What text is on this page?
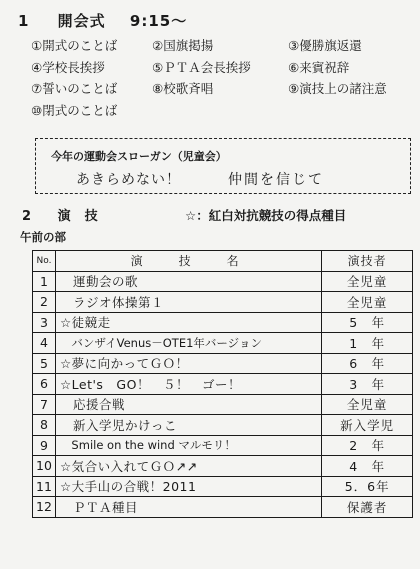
1 開会式 9:15〜
①開式のことば	②国旗掲揚	③優勝旗返還
④学校長挨拶	⑤ＰＴＡ会長挨拶	⑥来賓祝辞
⑦誓いのことば	⑧校歌斉唱	⑨演技上の諸注意
⑩閉式のことば
今年の運動会スローガン（児童会）
あきらめない！	仲間を信じて
2 演技	☆：紅白対抗競技の得点種目
午前の部
No.	演　技　名	演技者
1	　運動会の歌	全児童
2	　ラジオ体操第１	全児童
3	☆徒競走	5　年
4	　バンザイVenus－OTE1年バージョン	1　年
5	☆夢に向かってＧＯ！	6　年
6	☆Let's　GO！　５！　ゴー！	3　年
7	　応援合戦	全児童
8	　新入学児かけっこ	新入学児
9	　Smile on the wind マルモリ！	2　年
10	☆気合い入れてＧＯ↗↗	4　年
11	☆大手山の合戦！2011	5．6年
12	　ＰＴＡ種目	保護者
